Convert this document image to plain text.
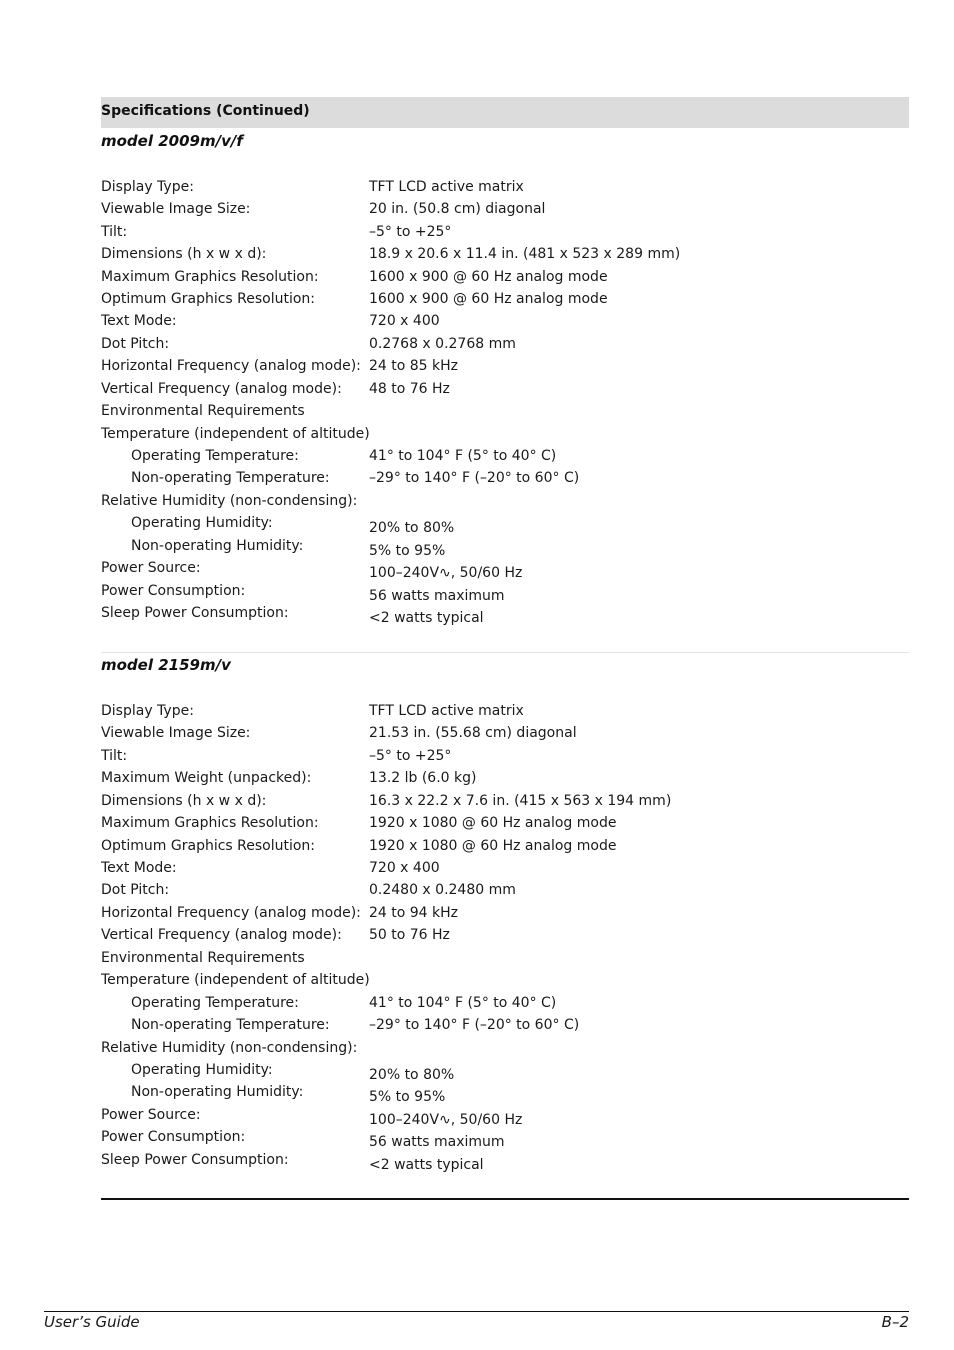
Specifications (Continued)
model 2009m/v/f
Display Type:	TFT LCD active matrix
Viewable Image Size:	20 in. (50.8 cm) diagonal
Tilt:	–5° to +25°
Dimensions (h x w x d):	18.9 x 20.6 x 11.4 in. (481 x 523 x 289 mm)
Maximum Graphics Resolution:	1600 x 900 @ 60 Hz analog mode
Optimum Graphics Resolution:	1600 x 900 @ 60 Hz analog mode
Text Mode:	720 x 400
Dot Pitch:	0.2768 x 0.2768 mm
Horizontal Frequency (analog mode): 24 to 85 kHz
Vertical Frequency (analog mode): 48 to 76 Hz
Environmental Requirements
Temperature (independent of altitude)
Operating Temperature:	41° to 104° F (5° to 40° C)
Non-operating Temperature:	–29° to 140° F (–20° to 60° C)
Relative Humidity (non-condensing):
Operating Humidity:	20% to 80%
Non-operating Humidity:	5% to 95%
Power Source:	100–240V∿, 50/60 Hz
Power Consumption:	56 watts maximum
Sleep Power Consumption:	<2 watts typical
model 2159m/v
Display Type:	TFT LCD active matrix
Viewable Image Size:	21.53 in. (55.68 cm) diagonal
Tilt:	–5° to +25°
Maximum Weight (unpacked):	13.2 lb (6.0 kg)
Dimensions (h x w x d):	16.3 x 22.2 x 7.6 in. (415 x 563 x 194 mm)
Maximum Graphics Resolution:	1920 x 1080 @ 60 Hz analog mode
Optimum Graphics Resolution:	1920 x 1080 @ 60 Hz analog mode
Text Mode:	720 x 400
Dot Pitch:	0.2480 x 0.2480 mm
Horizontal Frequency (analog mode): 24 to 94 kHz
Vertical Frequency (analog mode): 50 to 76 Hz
Environmental Requirements
Temperature (independent of altitude)
Operating Temperature:	41° to 104° F (5° to 40° C)
Non-operating Temperature:	–29° to 140° F (–20° to 60° C)
Relative Humidity (non-condensing):
Operating Humidity:	20% to 80%
Non-operating Humidity:	5% to 95%
Power Source:	100–240V∿, 50/60 Hz
Power Consumption:	56 watts maximum
Sleep Power Consumption:	<2 watts typical
User’s Guide	B–2
